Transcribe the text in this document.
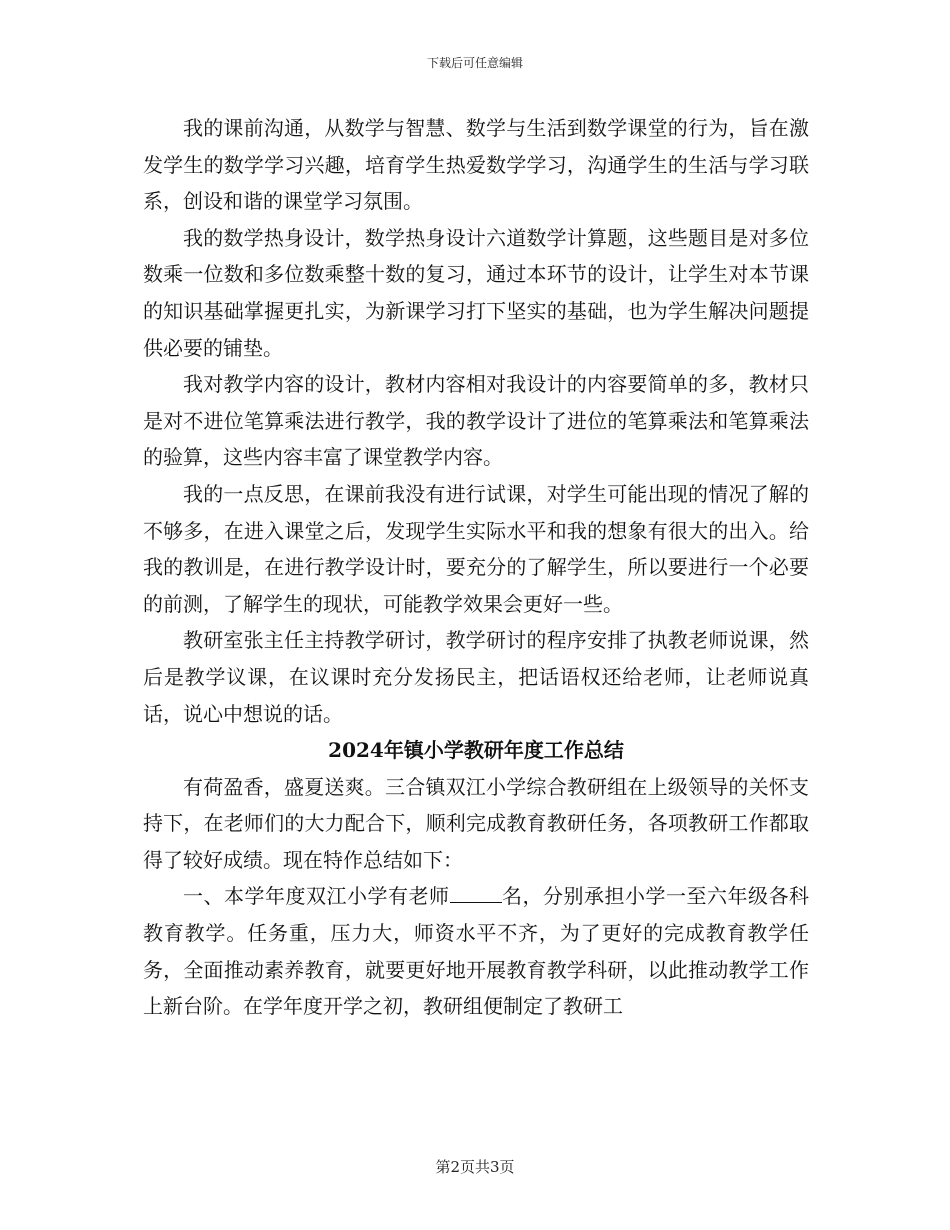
下载后可任意编辑

我的课前沟通，从数学与智慧、数学与生活到数学课堂的行为，旨在激发学生的数学学习兴趣，培育学生热爱数学学习，沟通学生的生活与学习联系，创设和谐的课堂学习氛围。

我的数学热身设计，数学热身设计六道数学计算题，这些题目是对多位数乘一位数和多位数乘整十数的复习，通过本环节的设计，让学生对本节课的知识基础掌握更扎实，为新课学习打下坚实的基础，也为学生解决问题提供必要的铺垫。

我对教学内容的设计，教材内容相对我设计的内容要简单的多，教材只是对不进位笔算乘法进行教学，我的教学设计了进位的笔算乘法和笔算乘法的验算，这些内容丰富了课堂教学内容。

我的一点反思，在课前我没有进行试课，对学生可能出现的情况了解的不够多，在进入课堂之后，发现学生实际水平和我的想象有很大的出入。给我的教训是，在进行教学设计时，要充分的了解学生，所以要进行一个必要的前测，了解学生的现状，可能教学效果会更好一些。

教研室张主任主持教学研讨，教学研讨的程序安排了执教老师说课，然后是教学议课，在议课时充分发扬民主，把话语权还给老师，让老师说真话，说心中想说的话。

2024年镇小学教研年度工作总结

有荷盈香，盛夏送爽。三合镇双江小学综合教研组在上级领导的关怀支持下，在老师们的大力配合下，顺利完成教育教研任务，各项教研工作都取得了较好成绩。现在特作总结如下：

一、本学年度双江小学有老师	名，分别承担小学一至六年级各科教育教学。任务重，压力大，师资水平不齐，为了更好的完成教育教学任务，全面推动素养教育，就要更好地开展教育教学科研，以此推动教学工作上新台阶。在学年度开学之初，教研组便制定了教研工

第2页共3页
